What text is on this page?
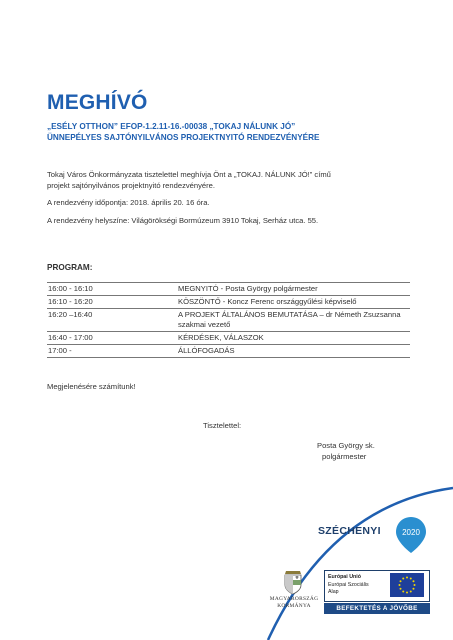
MEGHÍVÓ
„ESÉLY OTTHON” EFOP-1.2.11-16.-00038 „TOKAJ NÁLUNK JÓ”
ÜNNEPÉLYES SAJTÓNYILVÁNOS PROJEKTNYITÓ RENDEZVÉNYÉRE
Tokaj Város Önkormányzata tisztelettel meghívja Önt a „TOKAJ. NÁLUNK JÓ!” című
projekt sajtónyilvános projektnyitó rendezvényére.
A rendezvény időpontja: 2018. április 20. 16 óra.
A rendezvény helyszíne: Világörökségi Bormúzeum 3910 Tokaj, Serház utca. 55.
PROGRAM:
16:00 - 16:10	MEGNYITÓ - Posta György polgármester
16:10 - 16:20	KÖSZÖNTŐ - Koncz Ferenc országgyűlési képviselő
16:20 –16:40	A PROJEKT ÁLTALÁNOS BEMUTATÁSA – dr Németh Zsuzsanna szakmai vezető
16:40 - 17:00	KÉRDÉSEK, VÁLASZOK
17:00 -	ÁLLÓFOGADÁS
Megjelenésére számítunk!
Tisztelettel:
Posta György sk.
polgármester
SZÉCHENYI	2020
MAGYARORSZÁG
KORMÁNYA
Európai Unió
Európai Szociális
Alap
BEFEKTETÉS A JÖVŐBE
